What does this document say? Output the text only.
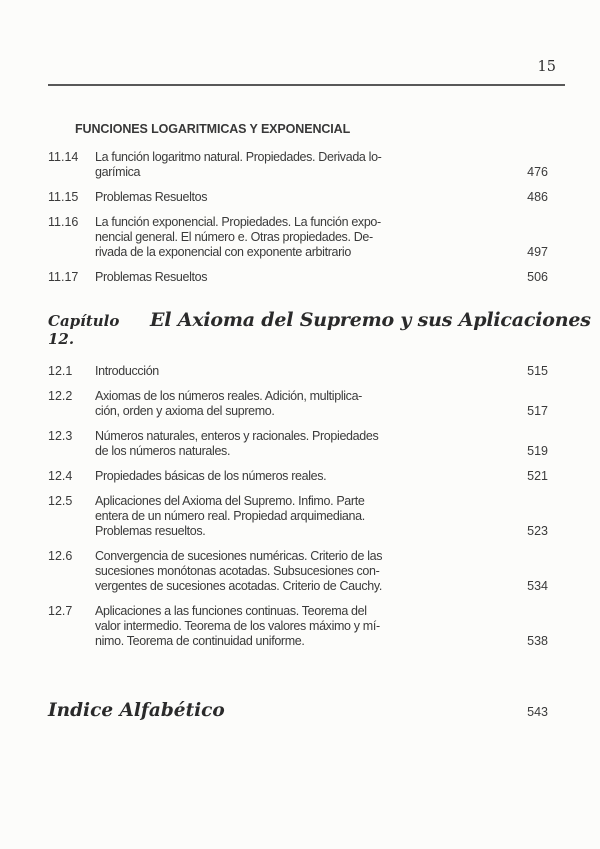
15
FUNCIONES LOGARITMICAS Y EXPONENCIAL
11.14 La función logaritmo natural. Propiedades. Derivada lo-
garímica	476
11.15 Problemas Resueltos	486
11.16 La función exponencial. Propiedades. La función expo-
nencial general. El número e. Otras propiedades. De-
rivada de la exponencial con exponente arbitrario	497
11.17 Problemas Resueltos	506
Capítulo 12.
El Axioma del Supremo y sus Aplicaciones
12.1 Introducción	515
12.2 Axiomas de los números reales. Adición, multiplica-
ción, orden y axioma del supremo.	517
12.3 Números naturales, enteros y racionales. Propiedades
de los números naturales.	519
12.4 Propiedades básicas de los números reales.	521
12.5 Aplicaciones del Axioma del Supremo. Infimo. Parte
entera de un número real. Propiedad arquimediana.
Problemas resueltos.	523
12.6 Convergencia de sucesiones numéricas. Criterio de las
sucesiones monótonas acotadas. Subsucesiones con-
vergentes de sucesiones acotadas. Criterio de Cauchy.	534
12.7 Aplicaciones a las funciones continuas. Teorema del
valor intermedio. Teorema de los valores máximo y mí-
nimo. Teorema de continuidad uniforme.	538
Indice Alfabético	543
